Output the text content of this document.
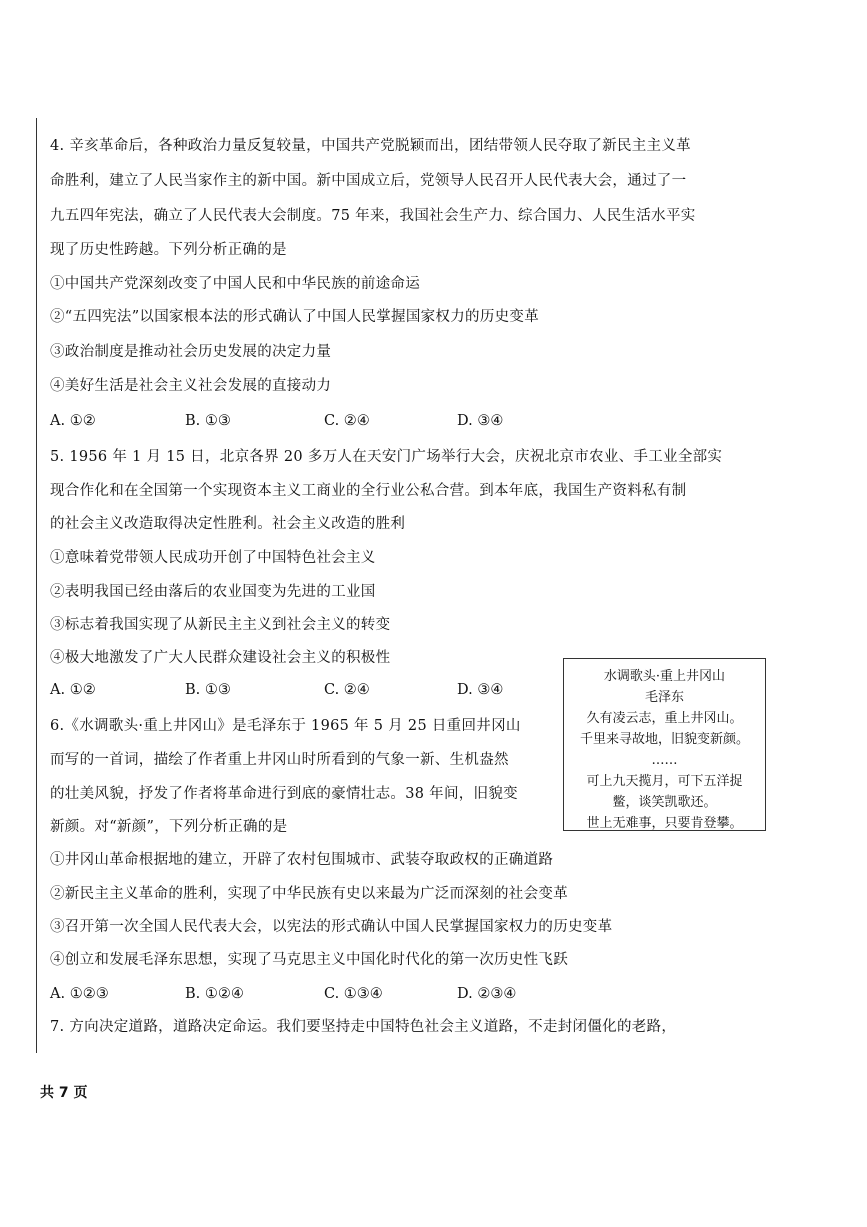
4. 辛亥革命后，各种政治力量反复较量，中国共产党脱颖而出，团结带领人民夺取了新民主主义革
命胜利，建立了人民当家作主的新中国。新中国成立后，党领导人民召开人民代表大会，通过了一
九五四年宪法，确立了人民代表大会制度。75 年来，我国社会生产力、综合国力、人民生活水平实
现了历史性跨越。下列分析正确的是
①中国共产党深刻改变了中国人民和中华民族的前途命运
②“五四宪法”以国家根本法的形式确认了中国人民掌握国家权力的历史变革
③政治制度是推动社会历史发展的决定力量
④美好生活是社会主义社会发展的直接动力
A. ①②	B. ①③	C. ②④	D. ③④
5. 1956 年 1 月 15 日，北京各界 20 多万人在天安门广场举行大会，庆祝北京市农业、手工业全部实
现合作化和在全国第一个实现资本主义工商业的全行业公私合营。到本年底，我国生产资料私有制
的社会主义改造取得决定性胜利。社会主义改造的胜利
①意味着党带领人民成功开创了中国特色社会主义
②表明我国已经由落后的农业国变为先进的工业国
③标志着我国实现了从新民主主义到社会主义的转变
④极大地激发了广大人民群众建设社会主义的积极性
A. ①②	B. ①③	C. ②④	D. ③④
水调歌头·重上井冈山
毛泽东
久有凌云志，重上井冈山。
千里来寻故地，旧貌变新颜。
……
可上九天揽月，可下五洋捉
鳖，谈笑凯歌还。
世上无难事，只要肯登攀。
6.《水调歌头·重上井冈山》是毛泽东于 1965 年 5 月 25 日重回井冈山
而写的一首词，描绘了作者重上井冈山时所看到的气象一新、生机盎然
的壮美风貌，抒发了作者将革命进行到底的豪情壮志。38 年间，旧貌变
新颜。对“新颜”，下列分析正确的是
①井冈山革命根据地的建立，开辟了农村包围城市、武装夺取政权的正确道路
②新民主主义革命的胜利，实现了中华民族有史以来最为广泛而深刻的社会变革
③召开第一次全国人民代表大会，以宪法的形式确认中国人民掌握国家权力的历史变革
④创立和发展毛泽东思想，实现了马克思主义中国化时代化的第一次历史性飞跃
A. ①②③	B. ①②④	C. ①③④	D. ②③④
7. 方向决定道路，道路决定命运。我们要坚持走中国特色社会主义道路，不走封闭僵化的老路，
共 7 页
